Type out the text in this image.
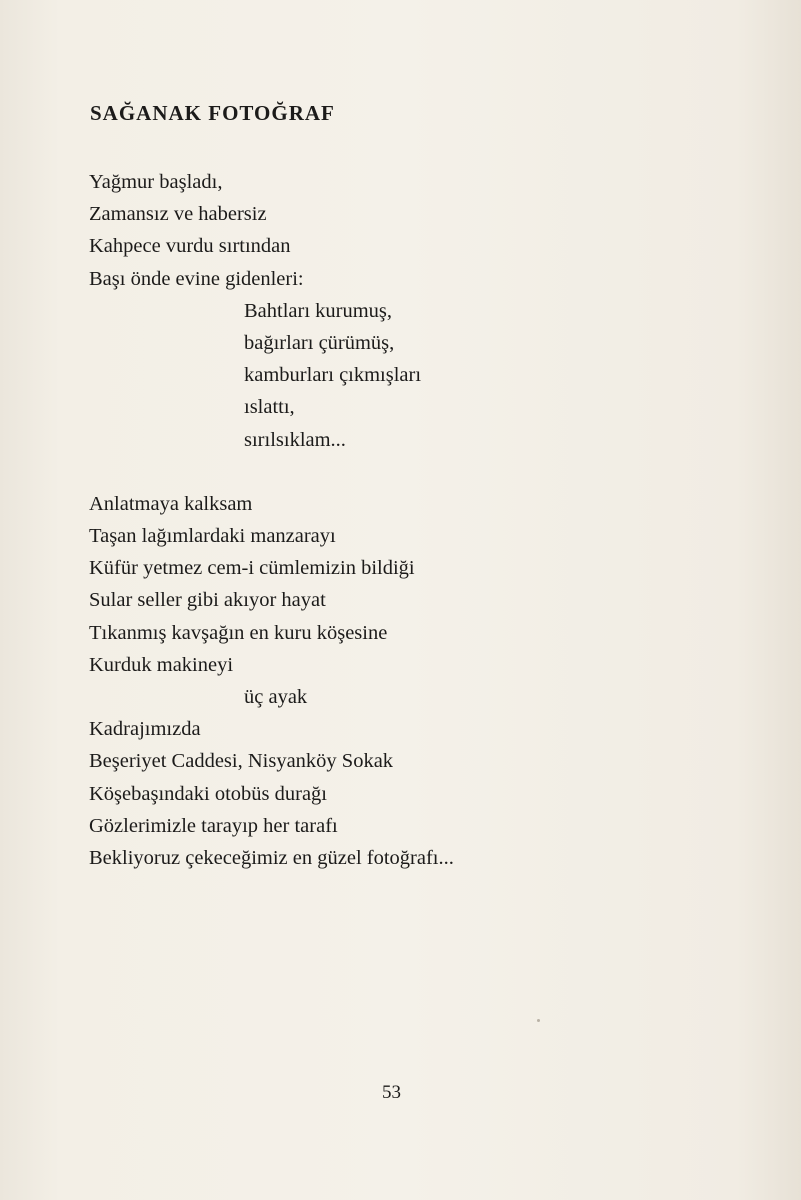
SAĞANAK FOTOĞRAF
Yağmur başladı,
Zamansız ve habersiz
Kahpece vurdu sırtından
Başı önde evine gidenleri:
Bahtları kurumuş,
bağırları çürümüş,
kamburları çıkmışları
ıslattı,
sırılsıklam...
Anlatmaya kalksam
Taşan lağımlardaki manzarayı
Küfür yetmez cem-i cümlemizin bildiği
Sular seller gibi akıyor hayat
Tıkanmış kavşağın en kuru köşesine
Kurduk makineyi
üç ayak
Kadrajımızda
Beşeriyet Caddesi, Nisyanköy Sokak
Köşebaşındaki otobüs durağı
Gözlerimizle tarayıp her tarafı
Bekliyoruz çekeceğimiz en güzel fotoğrafı...
53
